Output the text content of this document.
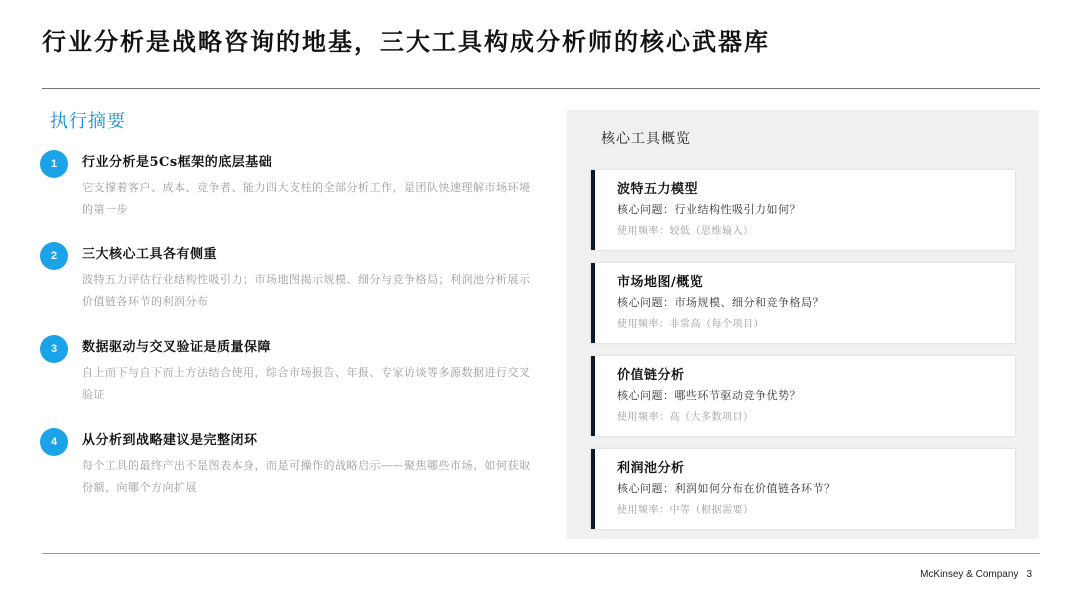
行业分析是战略咨询的地基，三大工具构成分析师的核心武器库
执行摘要
1	行业分析是5Cs框架的底层基础
它支撑着客户、成本、竞争者、能力四大支柱的全部分析工作，是团队快速理解市场环境的第一步
2	三大核心工具各有侧重
波特五力评估行业结构性吸引力；市场地图揭示规模、细分与竞争格局；利润池分析展示价值链各环节的利润分布
3	数据驱动与交叉验证是质量保障
自上而下与自下而上方法结合使用，综合市场报告、年报、专家访谈等多源数据进行交叉验证
4	从分析到战略建议是完整闭环
每个工具的最终产出不是图表本身，而是可操作的战略启示——聚焦哪些市场、如何获取份额、向哪个方向扩展
核心工具概览
波特五力模型
核心问题：行业结构性吸引力如何？
使用频率：较低（思维输入）
市场地图/概览
核心问题：市场规模、细分和竞争格局？
使用频率：非常高（每个项目）
价值链分析
核心问题：哪些环节驱动竞争优势？
使用频率：高（大多数项目）
利润池分析
核心问题：利润如何分布在价值链各环节？
使用频率：中等（根据需要）
McKinsey & Company 3
